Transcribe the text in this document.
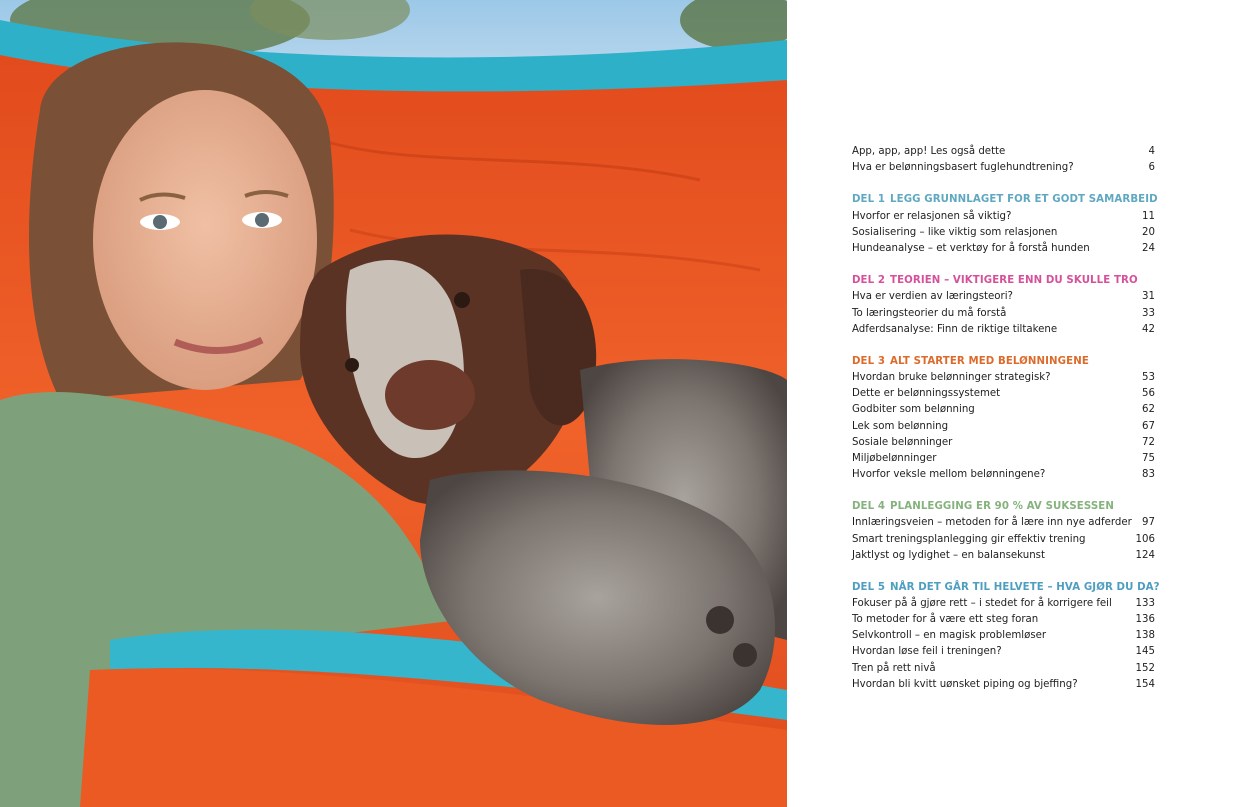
App, app, app! Les også dette	4
Hva er belønningsbasert fuglehundtrening?	6
DEL 1 LEGG GRUNNLAGET FOR ET GODT SAMARBEID
Hvorfor er relasjonen så viktig?	11
Sosialisering – like viktig som relasjonen	20
Hundeanalyse – et verktøy for å forstå hunden	24
DEL 2 TEORIEN – VIKTIGERE ENN DU SKULLE TRO
Hva er verdien av læringsteori?	31
To læringsteorier du må forstå	33
Adferdsanalyse: Finn de riktige tiltakene	42
DEL 3 ALT STARTER MED BELØNNINGENE
Hvordan bruke belønninger strategisk?	53
Dette er belønningssystemet	56
Godbiter som belønning	62
Lek som belønning	67
Sosiale belønninger	72
Miljøbelønninger	75
Hvorfor veksle mellom belønningene?	83
DEL 4 PLANLEGGING ER 90 % AV SUKSESSEN
Innlæringsveien – metoden for å lære inn nye adferder	97
Smart treningsplanlegging gir effektiv trening	106
Jaktlyst og lydighet – en balansekunst	124
DEL 5 NÅR DET GÅR TIL HELVETE – HVA GJØR DU DA?
Fokuser på å gjøre rett – i stedet for å korrigere feil	133
To metoder for å være ett steg foran	136
Selvkontroll – en magisk problemløser	138
Hvordan løse feil i treningen?	145
Tren på rett nivå	152
Hvordan bli kvitt uønsket piping og bjeffing?	154
